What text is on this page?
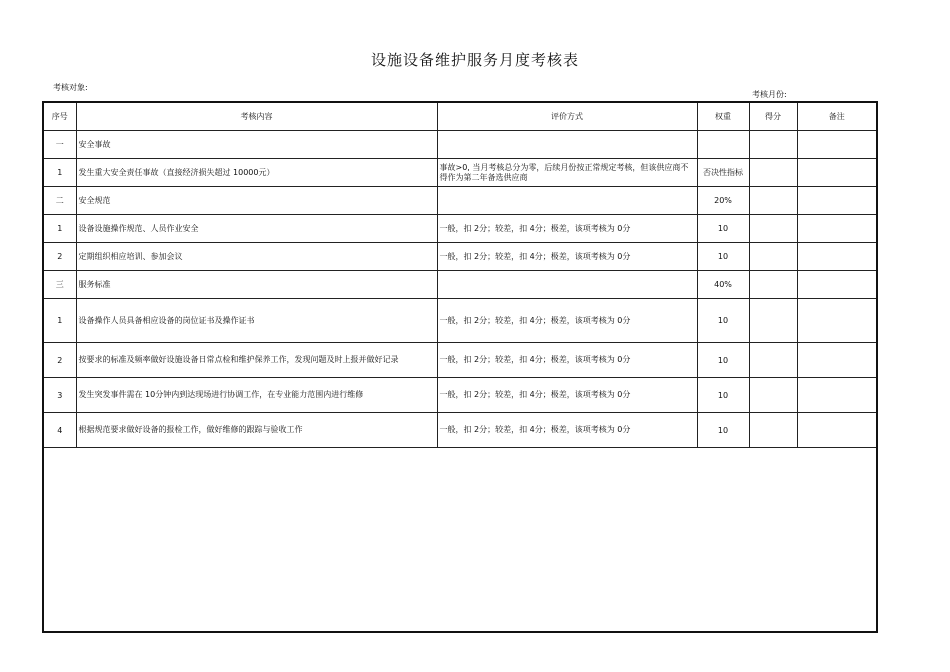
设施设备维护服务月度考核表
考核对象:
考核月份:
序号	考核内容	评价方式	权重	得分	备注
一	安全事故				
1	发生重大安全责任事故（直接经济损失超过 10000元）	事故>0, 当月考核总分为零，后续月份按正常规定考核，但该供应商不得作为第二年备选供应商	否决性指标		
二	安全规范		20%		
1	设备设施操作规范、人员作业安全	一般，扣 2分；较差，扣 4分；极差，该项考核为 0分	10		
2	定期组织相应培训、参加会议	一般，扣 2分；较差，扣 4分；极差，该项考核为 0分	10		
三	服务标准		40%		
1	设备操作人员具备相应设备的岗位证书及操作证书	一般，扣 2分；较差，扣 4分；极差，该项考核为 0分	10		
2	按要求的标准及频率做好设施设备日常点检和维护保养工作，发现问题及时上报并做好记录	一般，扣 2分；较差，扣 4分；极差，该项考核为 0分	10		
3	发生突发事件需在 10分钟内到达现场进行协调工作，在专业能力范围内进行维修	一般，扣 2分；较差，扣 4分；极差，该项考核为 0分	10		
4	根据规范要求做好设备的报检工作，做好维修的跟踪与验收工作	一般，扣 2分；较差，扣 4分；极差，该项考核为 0分	10		
